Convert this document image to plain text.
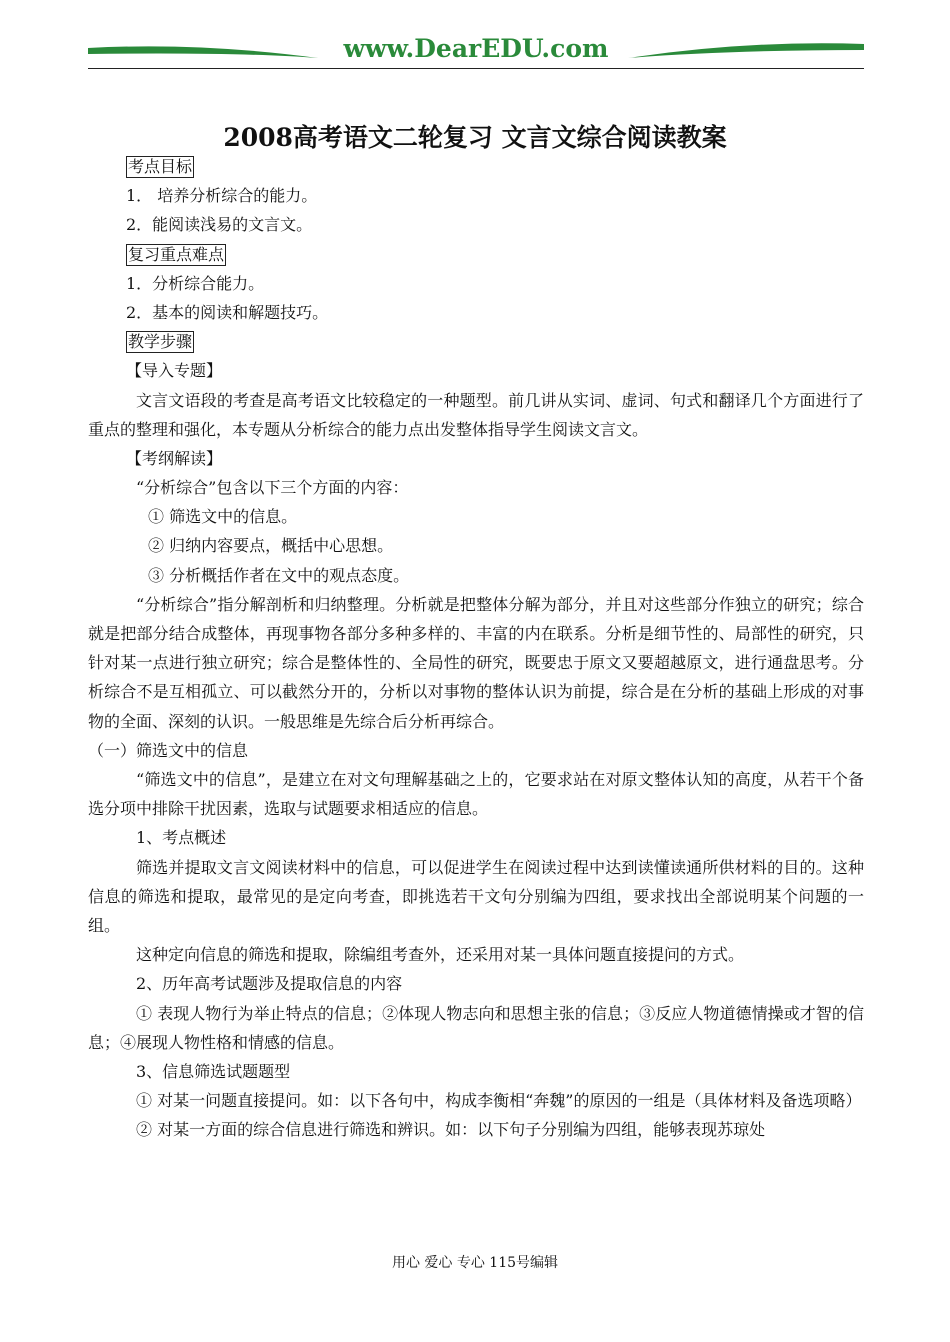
www.DearEDU.com
2008高考语文二轮复习 文言文综合阅读教案
考点目标
1． 培养分析综合的能力。
2．能阅读浅易的文言文。
复习重点难点
1．分析综合能力。
2．基本的阅读和解题技巧。
教学步骤
【导入专题】
文言文语段的考查是高考语文比较稳定的一种题型。前几讲从实词、虚词、句式和翻译几个方面进行了重点的整理和强化，本专题从分析综合的能力点出发整体指导学生阅读文言文。
【考纲解读】
“分析综合”包含以下三个方面的内容：
① 筛选文中的信息。
② 归纳内容要点，概括中心思想。
③ 分析概括作者在文中的观点态度。
“分析综合”指分解剖析和归纳整理。分析就是把整体分解为部分，并且对这些部分作独立的研究；综合就是把部分结合成整体，再现事物各部分多种多样的、丰富的内在联系。分析是细节性的、局部性的研究，只针对某一点进行独立研究；综合是整体性的、全局性的研究，既要忠于原文又要超越原文，进行通盘思考。分析综合不是互相孤立、可以截然分开的，分析以对事物的整体认识为前提，综合是在分析的基础上形成的对事物的全面、深刻的认识。一般思维是先综合后分析再综合。
（一）筛选文中的信息
“筛选文中的信息”，是建立在对文句理解基础之上的，它要求站在对原文整体认知的高度，从若干个备选分项中排除干扰因素，选取与试题要求相适应的信息。
1、考点概述
筛选并提取文言文阅读材料中的信息，可以促进学生在阅读过程中达到读懂读通所供材料的目的。这种信息的筛选和提取，最常见的是定向考查，即挑选若干文句分别编为四组，要求找出全部说明某个问题的一组。
这种定向信息的筛选和提取，除编组考查外，还采用对某一具体问题直接提问的方式。
2、历年高考试题涉及提取信息的内容
① 表现人物行为举止特点的信息；②体现人物志向和思想主张的信息；③反应人物道德情操或才智的信息；④展现人物性格和情感的信息。
3、信息筛选试题题型
① 对某一问题直接提问。如：以下各句中，构成李衡相“奔魏”的原因的一组是（具体材料及备选项略）
② 对某一方面的综合信息进行筛选和辨识。如：以下句子分别编为四组，能够表现苏琼处
用心 爱心 专心 115号编辑
